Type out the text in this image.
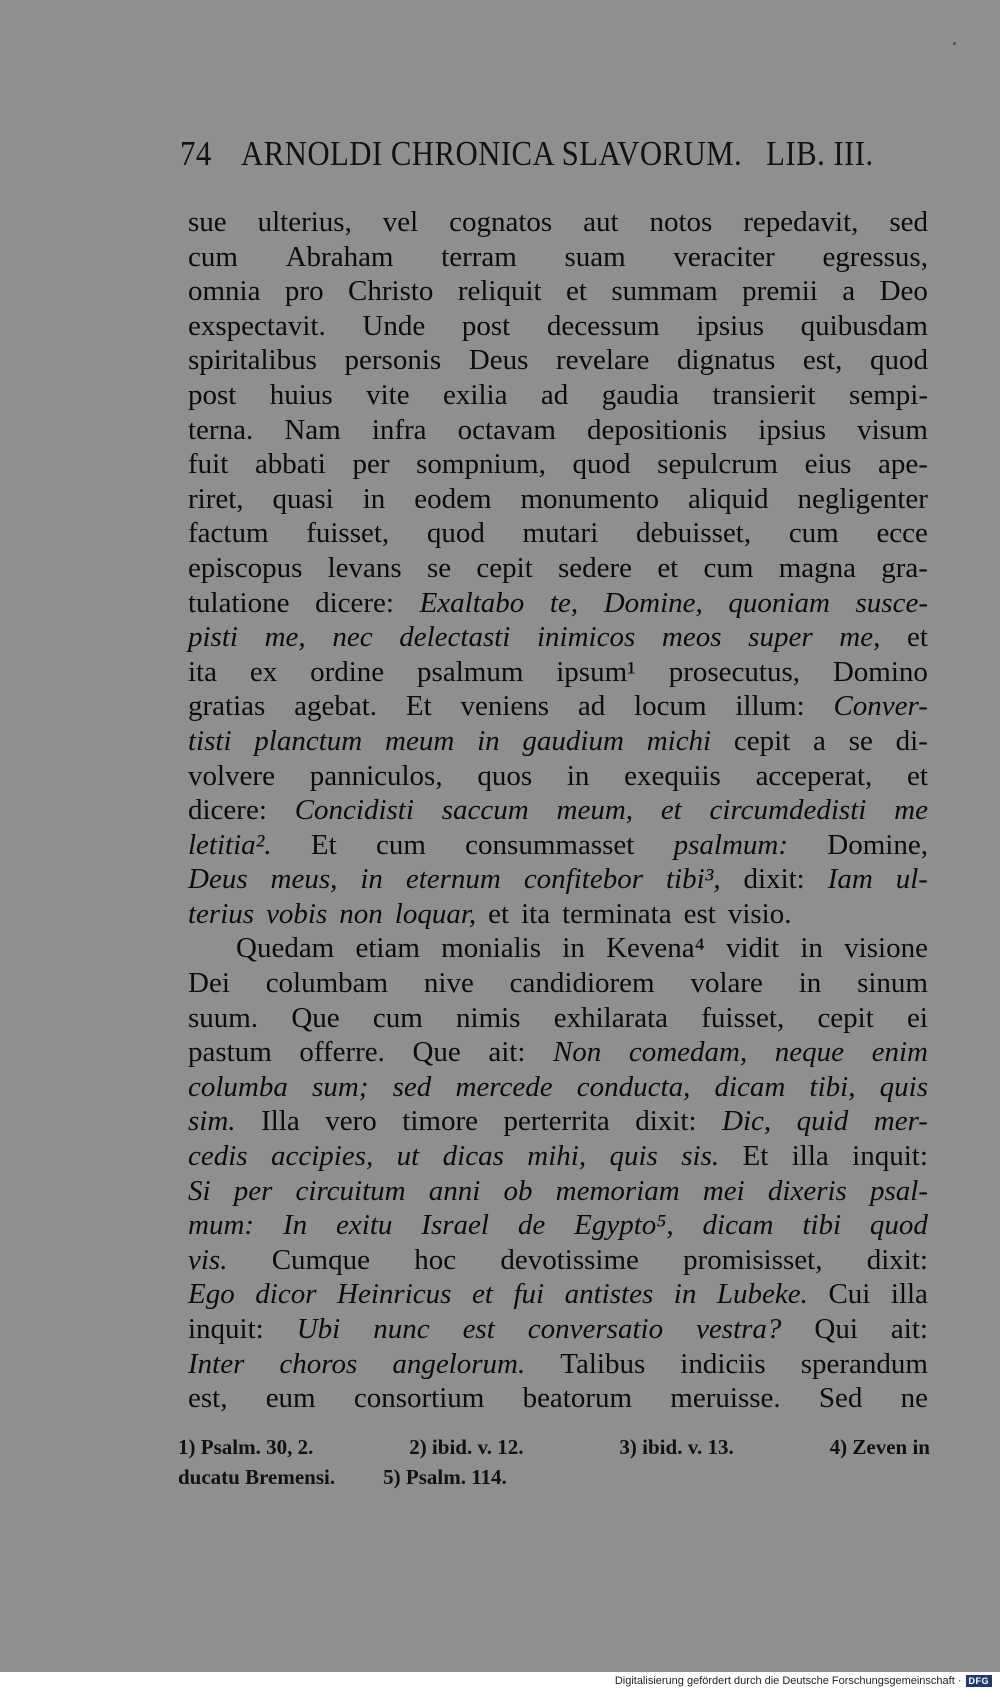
74 ARNOLDI CHRONICA SLAVORUM. LIB. III.
sue ulterius, vel cognatos aut notos repedavit, sed
cum Abraham terram suam veraciter egressus,
omnia pro Christo reliquit et summam premii a Deo
exspectavit. Unde post decessum ipsius quibusdam
spiritalibus personis Deus revelare dignatus est, quod
post huius vite exilia ad gaudia transierit sempi-
terna. Nam infra octavam depositionis ipsius visum
fuit abbati per sompnium, quod sepulcrum eius ape-
riret, quasi in eodem monumento aliquid negligenter
factum fuisset, quod mutari debuisset, cum ecce
episcopus levans se cepit sedere et cum magna gra-
tulatione dicere: Exaltabo te, Domine, quoniam susce-
pisti me, nec delectasti inimicos meos super me, et
ita ex ordine psalmum ipsum¹ prosecutus, Domino
gratias agebat. Et veniens ad locum illum: Conver-
tisti planctum meum in gaudium michi cepit a se di-
volvere panniculos, quos in exequiis acceperat, et
dicere: Concidisti saccum meum, et circumdedisti me
letitia². Et cum consummasset psalmum: Domine,
Deus meus, in eternum confitebor tibi³, dixit: Iam ul-
terius vobis non loquar, et ita terminata est visio.
Quedam etiam monialis in Kevena⁴ vidit in visione
Dei columbam nive candidiorem volare in sinum
suum. Que cum nimis exhilarata fuisset, cepit ei
pastum offerre. Que ait: Non comedam, neque enim
columba sum; sed mercede conducta, dicam tibi, quis
sim. Illa vero timore perterrita dixit: Dic, quid mer-
cedis accipies, ut dicas mihi, quis sis. Et illa inquit:
Si per circuitum anni ob memoriam mei dixeris psal-
mum: In exitu Israel de Egypto⁵, dicam tibi quod
vis. Cumque hoc devotissime promisisset, dixit:
Ego dicor Heinricus et fui antistes in Lubeke. Cui illa
inquit: Ubi nunc est conversatio vestra? Qui ait:
Inter choros angelorum. Talibus indiciis sperandum
est, eum consortium beatorum meruisse. Sed ne
1) Psalm. 30, 2.	2) ibid. v. 12.	3) ibid. v. 13.	4) Zeven in
ducatu Bremensi. 5) Psalm. 114.
Digitalisierung gefördert durch die Deutsche Forschungsgemeinschaft · DFG
